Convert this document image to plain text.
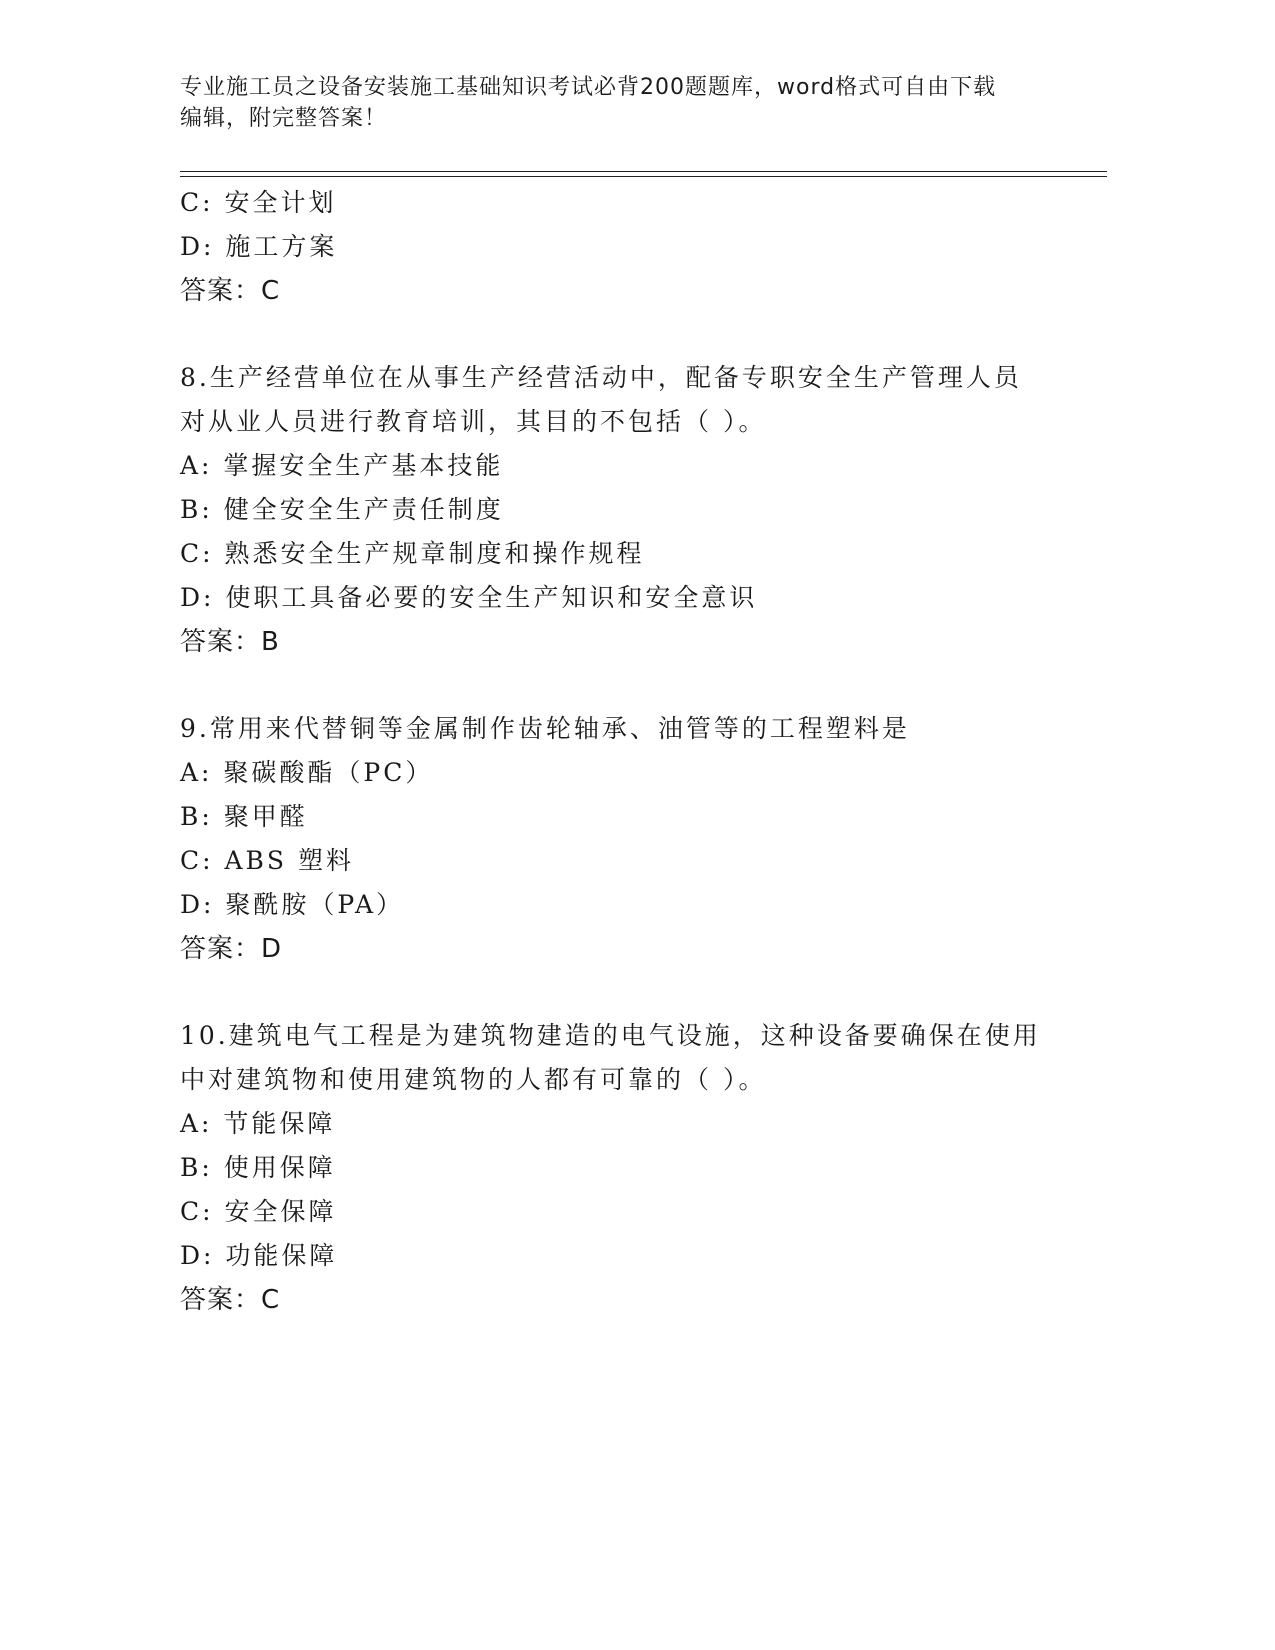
专业施工员之设备安装施工基础知识考试必背200题题库，word格式可自由下载
编辑，附完整答案！
C: 安全计划
D: 施工方案
答案：C
8.生产经营单位在从事生产经营活动中，配备专职安全生产管理人员
对从业人员进行教育培训，其目的不包括（ ）。
A: 掌握安全生产基本技能
B: 健全安全生产责任制度
C: 熟悉安全生产规章制度和操作规程
D: 使职工具备必要的安全生产知识和安全意识
答案：B
9.常用来代替铜等金属制作齿轮轴承、油管等的工程塑料是
A: 聚碳酸酯（PC）
B: 聚甲醛
C: ABS 塑料
D: 聚酰胺（PA）
答案：D
10.建筑电气工程是为建筑物建造的电气设施，这种设备要确保在使用
中对建筑物和使用建筑物的人都有可靠的（ ）。
A: 节能保障
B: 使用保障
C: 安全保障
D: 功能保障
答案：C
